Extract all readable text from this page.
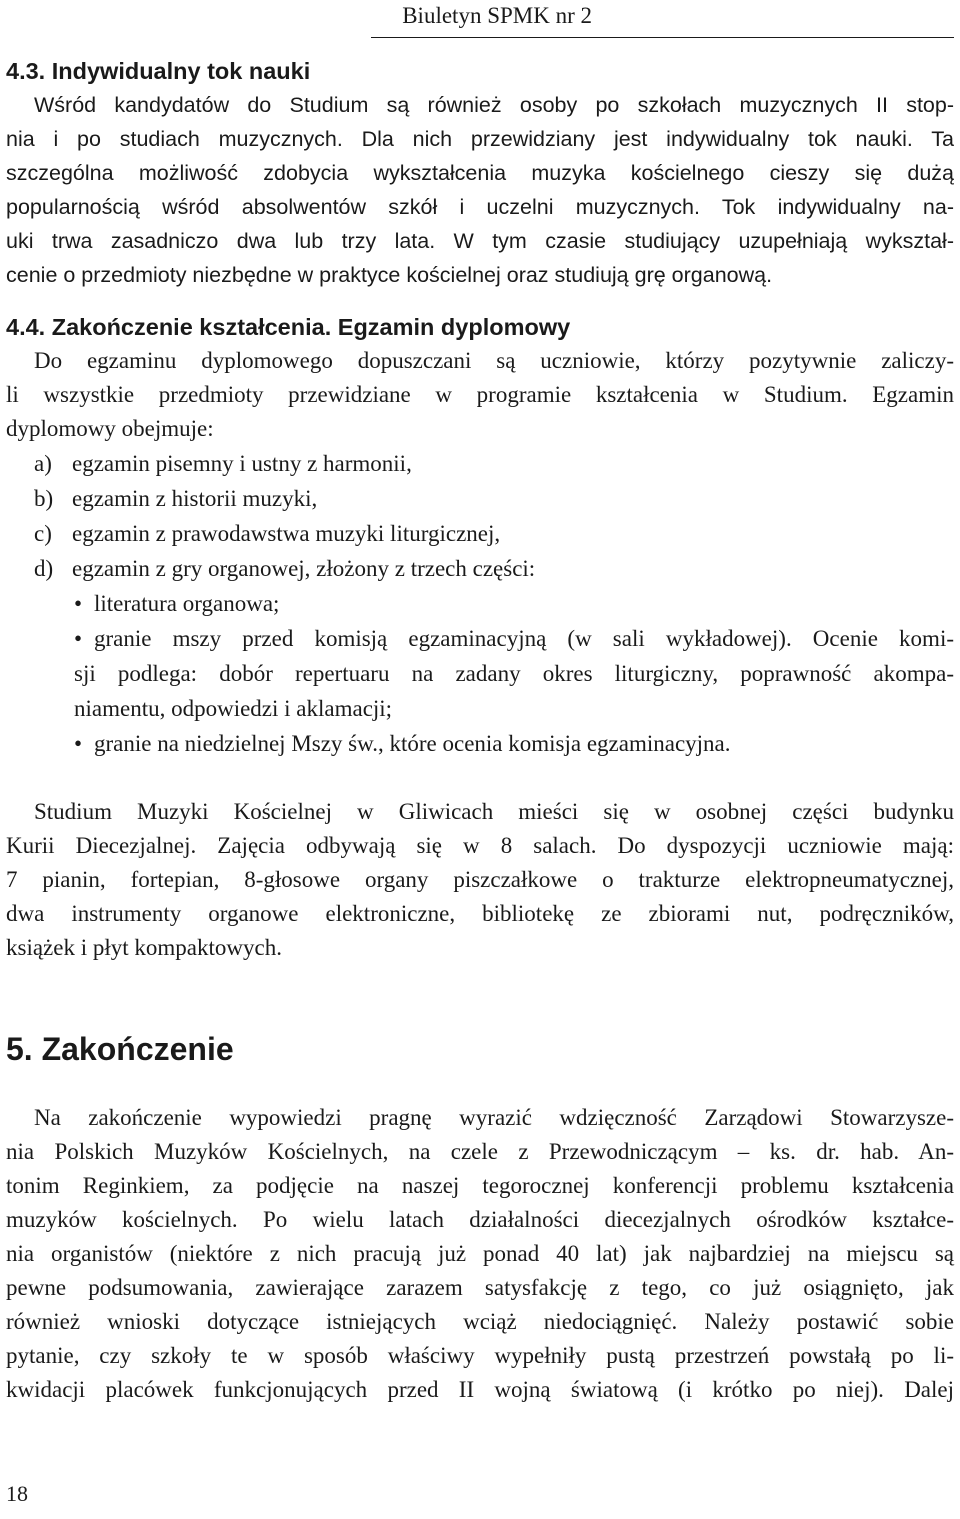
Biuletyn SPMK nr 2
4.3. Indywidualny tok nauki
Wśród kandydatów do Studium są również osoby po szkołach muzycznych II stop-
nia i po studiach muzycznych. Dla nich przewidziany jest indywidualny tok nauki. Ta
szczególna możliwość zdobycia wykształcenia muzyka kościelnego cieszy się dużą
popularnością wśród absolwentów szkół i uczelni muzycznych. Tok indywidualny na-
uki trwa zasadniczo dwa lub trzy lata. W tym czasie studiujący uzupełniają wykształ-
cenie o przedmioty niezbędne w praktyce kościelnej oraz studiują grę organową.
4.4. Zakończenie kształcenia. Egzamin dyplomowy
Do egzaminu dyplomowego dopuszczani są uczniowie, którzy pozytywnie zaliczy-
li wszystkie przedmioty przewidziane w programie kształcenia w Studium. Egzamin
dyplomowy obejmuje:
a) egzamin pisemny i ustny z harmonii,
b) egzamin z historii muzyki,
c) egzamin z prawodawstwa muzyki liturgicznej,
d) egzamin z gry organowej, złożony z trzech części:
• literatura organowa;
• granie mszy przed komisją egzaminacyjną (w sali wykładowej). Ocenie komi-
sji podlega: dobór repertuaru na zadany okres liturgiczny, poprawność akompa-
niamentu, odpowiedzi i aklamacji;
• granie na niedzielnej Mszy św., które ocenia komisja egzaminacyjna.
Studium Muzyki Kościelnej w Gliwicach mieści się w osobnej części budynku
Kurii Diecezjalnej. Zajęcia odbywają się w 8 salach. Do dyspozycji uczniowie mają:
7 pianin, fortepian, 8-głosowe organy piszczałkowe o trakturze elektropneumatycznej,
dwa instrumenty organowe elektroniczne, bibliotekę ze zbiorami nut, podręczników,
książek i płyt kompaktowych.
5. Zakończenie
Na zakończenie wypowiedzi pragnę wyrazić wdzięczność Zarządowi Stowarzysze-
nia Polskich Muzyków Kościelnych, na czele z Przewodniczącym – ks. dr. hab. An-
tonim Reginkiem, za podjęcie na naszej tegorocznej konferencji problemu kształcenia
muzyków kościelnych. Po wielu latach działalności diecezjalnych ośrodków kształce-
nia organistów (niektóre z nich pracują już ponad 40 lat) jak najbardziej na miejscu są
pewne podsumowania, zawierające zarazem satysfakcję z tego, co już osiągnięto, jak
również wnioski dotyczące istniejących wciąż niedociągnięć. Należy postawić sobie
pytanie, czy szkoły te w sposób właściwy wypełniły pustą przestrzeń powstałą po li-
kwidacji placówek funkcjonujących przed II wojną światową (i krótko po niej). Dalej
18
